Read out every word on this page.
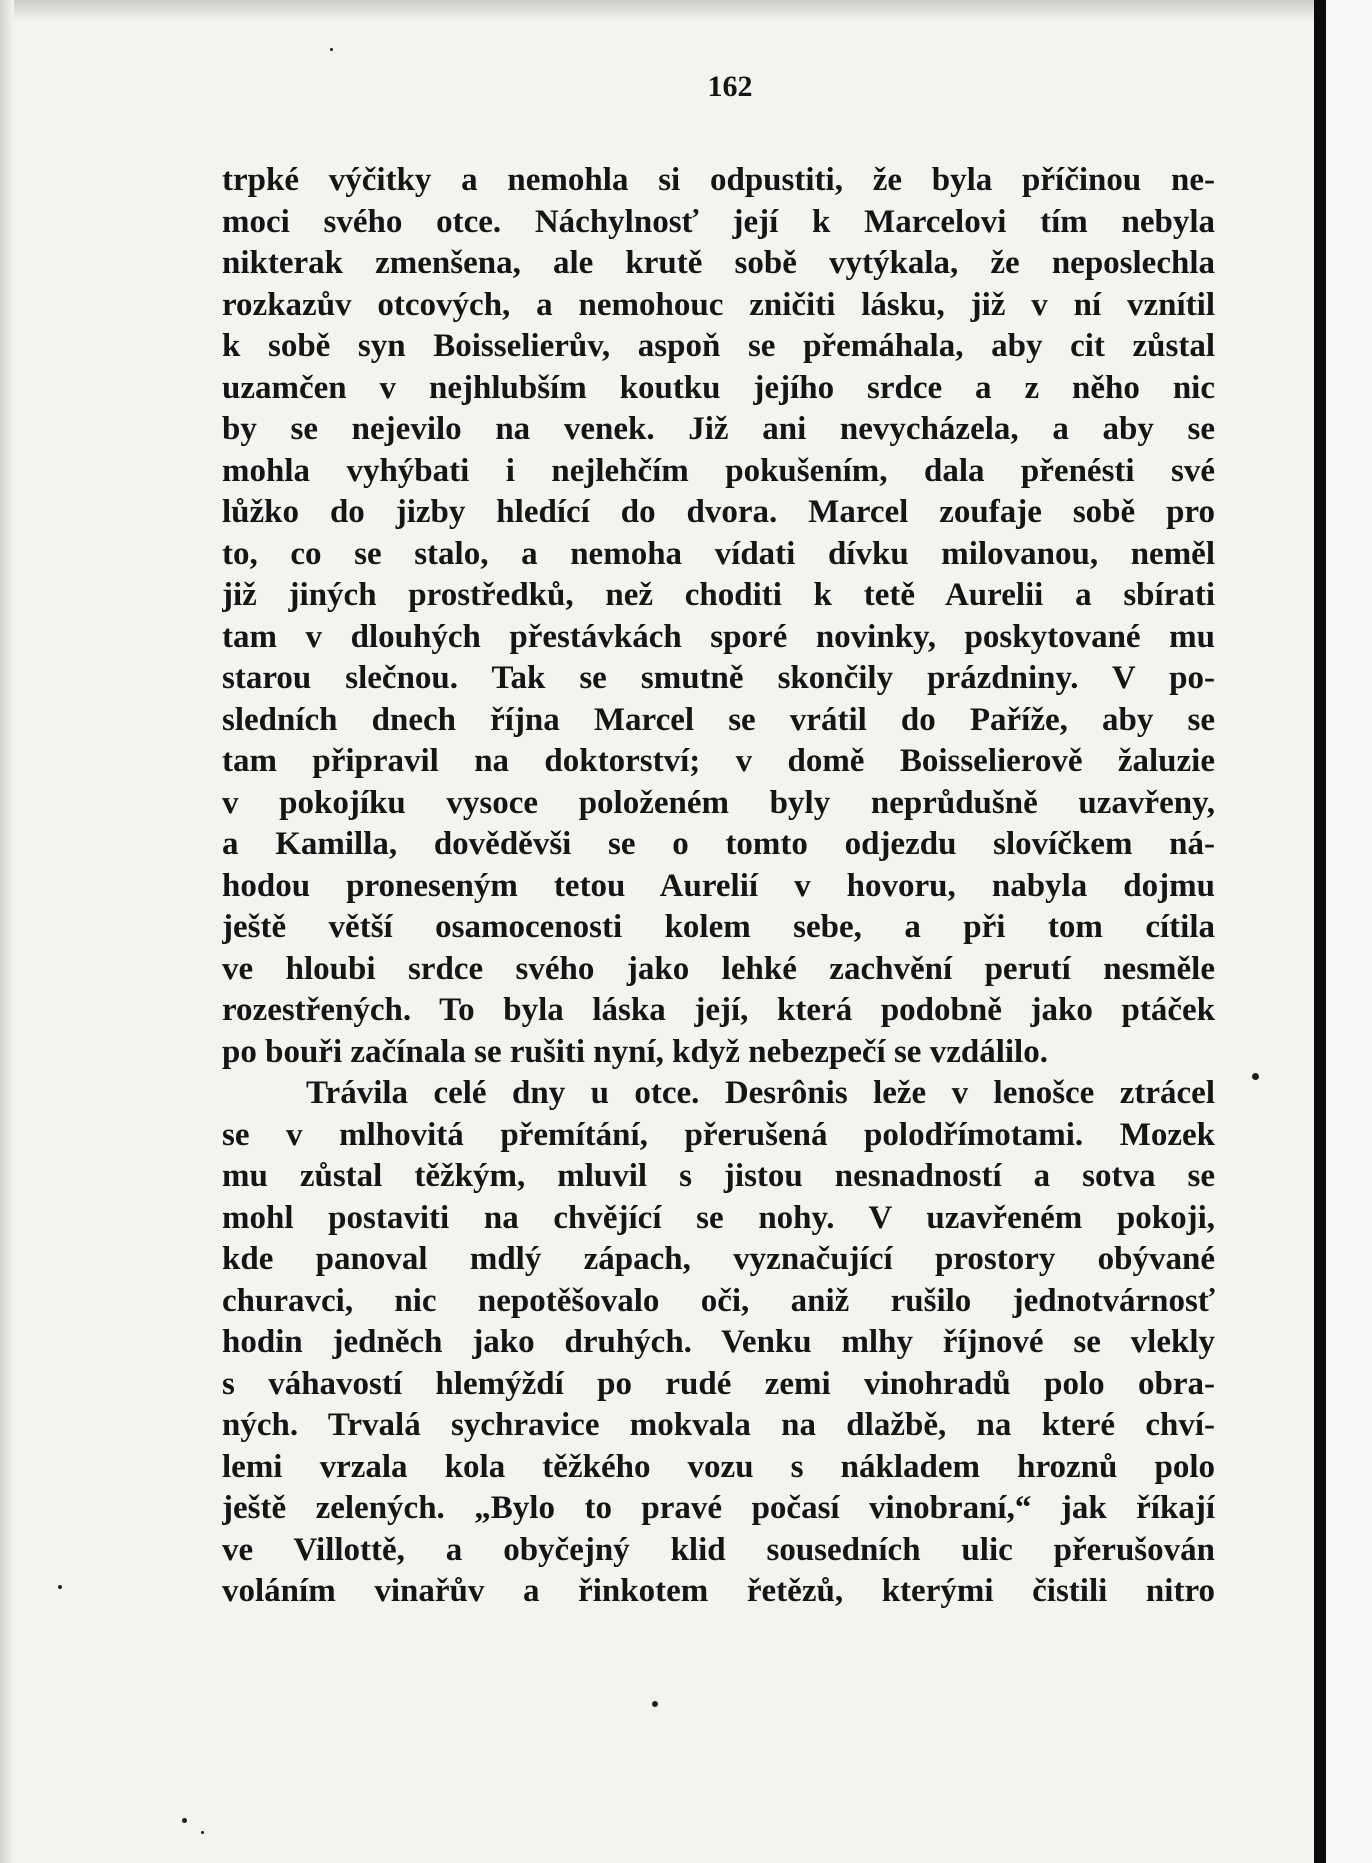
162
trpké výčitky a nemohla si odpustiti, že byla příčinou ne-
moci svého otce. Náchylnosť její k Marcelovi tím nebyla
nikterak zmenšena, ale krutě sobě vytýkala, že neposlechla
rozkazův otcových, a nemohouc zničiti lásku, již v ní vznítil
k sobě syn Boisselierův, aspoň se přemáhala, aby cit zůstal
uzamčen v nejhlubším koutku jejího srdce a z něho nic
by se nejevilo na venek. Již ani nevycházela, a aby se
mohla vyhýbati i nejlehčím pokušením, dala přenésti své
lůžko do jizby hledící do dvora. Marcel zoufaje sobě pro
to, co se stalo, a nemoha vídati dívku milovanou, neměl
již jiných prostředků, než choditi k tetě Aurelii a sbírati
tam v dlouhých přestávkách sporé novinky, poskytované mu
starou slečnou. Tak se smutně skončily prázdniny. V po-
sledních dnech října Marcel se vrátil do Paříže, aby se
tam připravil na doktorství; v domě Boisselierově žaluzie
v pokojíku vysoce položeném byly neprůdušně uzavřeny,
a Kamilla, dověděvši se o tomto odjezdu slovíčkem ná-
hodou proneseným tetou Aurelií v hovoru, nabyla dojmu
ještě větší osamocenosti kolem sebe, a při tom cítila
ve hloubi srdce svého jako lehké zachvění perutí nesměle
rozestřených. To byla láska její, která podobně jako ptáček
po bouři začínala se rušiti nyní, když nebezpečí se vzdálilo.
Trávila celé dny u otce. Desrônis leže v lenošce ztrácel
se v mlhovitá přemítání, přerušená polodřímotami. Mozek
mu zůstal těžkým, mluvil s jistou nesnadností a sotva se
mohl postaviti na chvějící se nohy. V uzavřeném pokoji,
kde panoval mdlý zápach, vyznačující prostory obývané
churavci, nic nepotěšovalo oči, aniž rušilo jednotvárnosť
hodin jedněch jako druhých. Venku mlhy říjnové se vlekly
s váhavostí hlemýždí po rudé zemi vinohradů polo obra-
ných. Trvalá sychravice mokvala na dlažbě, na které chví-
lemi vrzala kola těžkého vozu s nákladem hroznů polo
ještě zelených. „Bylo to pravé počasí vinobraní,“ jak říkají
ve Villottě, a obyčejný klid sousedních ulic přerušován
voláním vinařův a řinkotem řetězů, kterými čistili nitro
